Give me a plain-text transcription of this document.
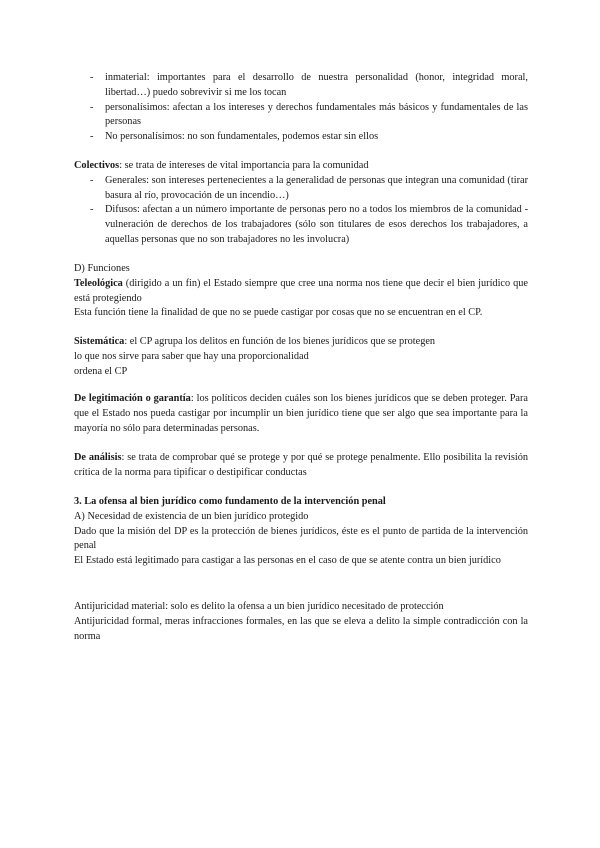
- inmaterial: importantes para el desarrollo de nuestra personalidad (honor, integridad moral, libertad…) puedo sobrevivir si me los tocan
- personalísimos: afectan a los intereses y derechos fundamentales más básicos y fundamentales de las personas
- No personalísimos: no son fundamentales, podemos estar sin ellos

Colectivos: se trata de intereses de vital importancia para la comunidad

- Generales: son intereses pertenecientes a la generalidad de personas que integran una comunidad (tirar basura al río, provocación de un incendio…)
- Difusos: afectan a un número importante de personas pero no a todos los miembros de la comunidad - vulneración de derechos de los trabajadores (sólo son titulares de esos derechos los trabajadores, a aquellas personas que no son trabajadores no les involucra)

D) Funciones

Teleológica (dirigido a un fin) el Estado siempre que cree una norma nos tiene que decir el bien jurídico que está protegiendo

Esta función tiene la finalidad de que no se puede castigar por cosas que no se encuentran en el CP.

Sistemática: el CP agrupa los delitos en función de los bienes jurídicos que se protegen

lo que nos sirve para saber que hay una proporcionalidad

ordena el CP

De legitimación o garantía: los políticos deciden cuáles son los bienes jurídicos que se deben proteger. Para que el Estado nos pueda castigar por incumplir un bien jurídico tiene que ser algo que sea importante para la mayoría no sólo para determinadas personas.

De análisis: se trata de comprobar qué se protege y por qué se protege penalmente. Ello posibilita la revisión crítica de la norma para tipificar o destipificar conductas

3. La ofensa al bien jurídico como fundamento de la intervención penal

A) Necesidad de existencia de un bien jurídico protegido

Dado que la misión del DP es la protección de bienes jurídicos, éste es el punto de partida de la intervención penal

El Estado está legitimado para castigar a las personas en el caso de que se atente contra un bien jurídico

Antijuricidad material: solo es delito la ofensa a un bien jurídico necesitado de protección

Antijuricidad formal, meras infracciones formales, en las que se eleva a delito la simple contradicción con la norma
